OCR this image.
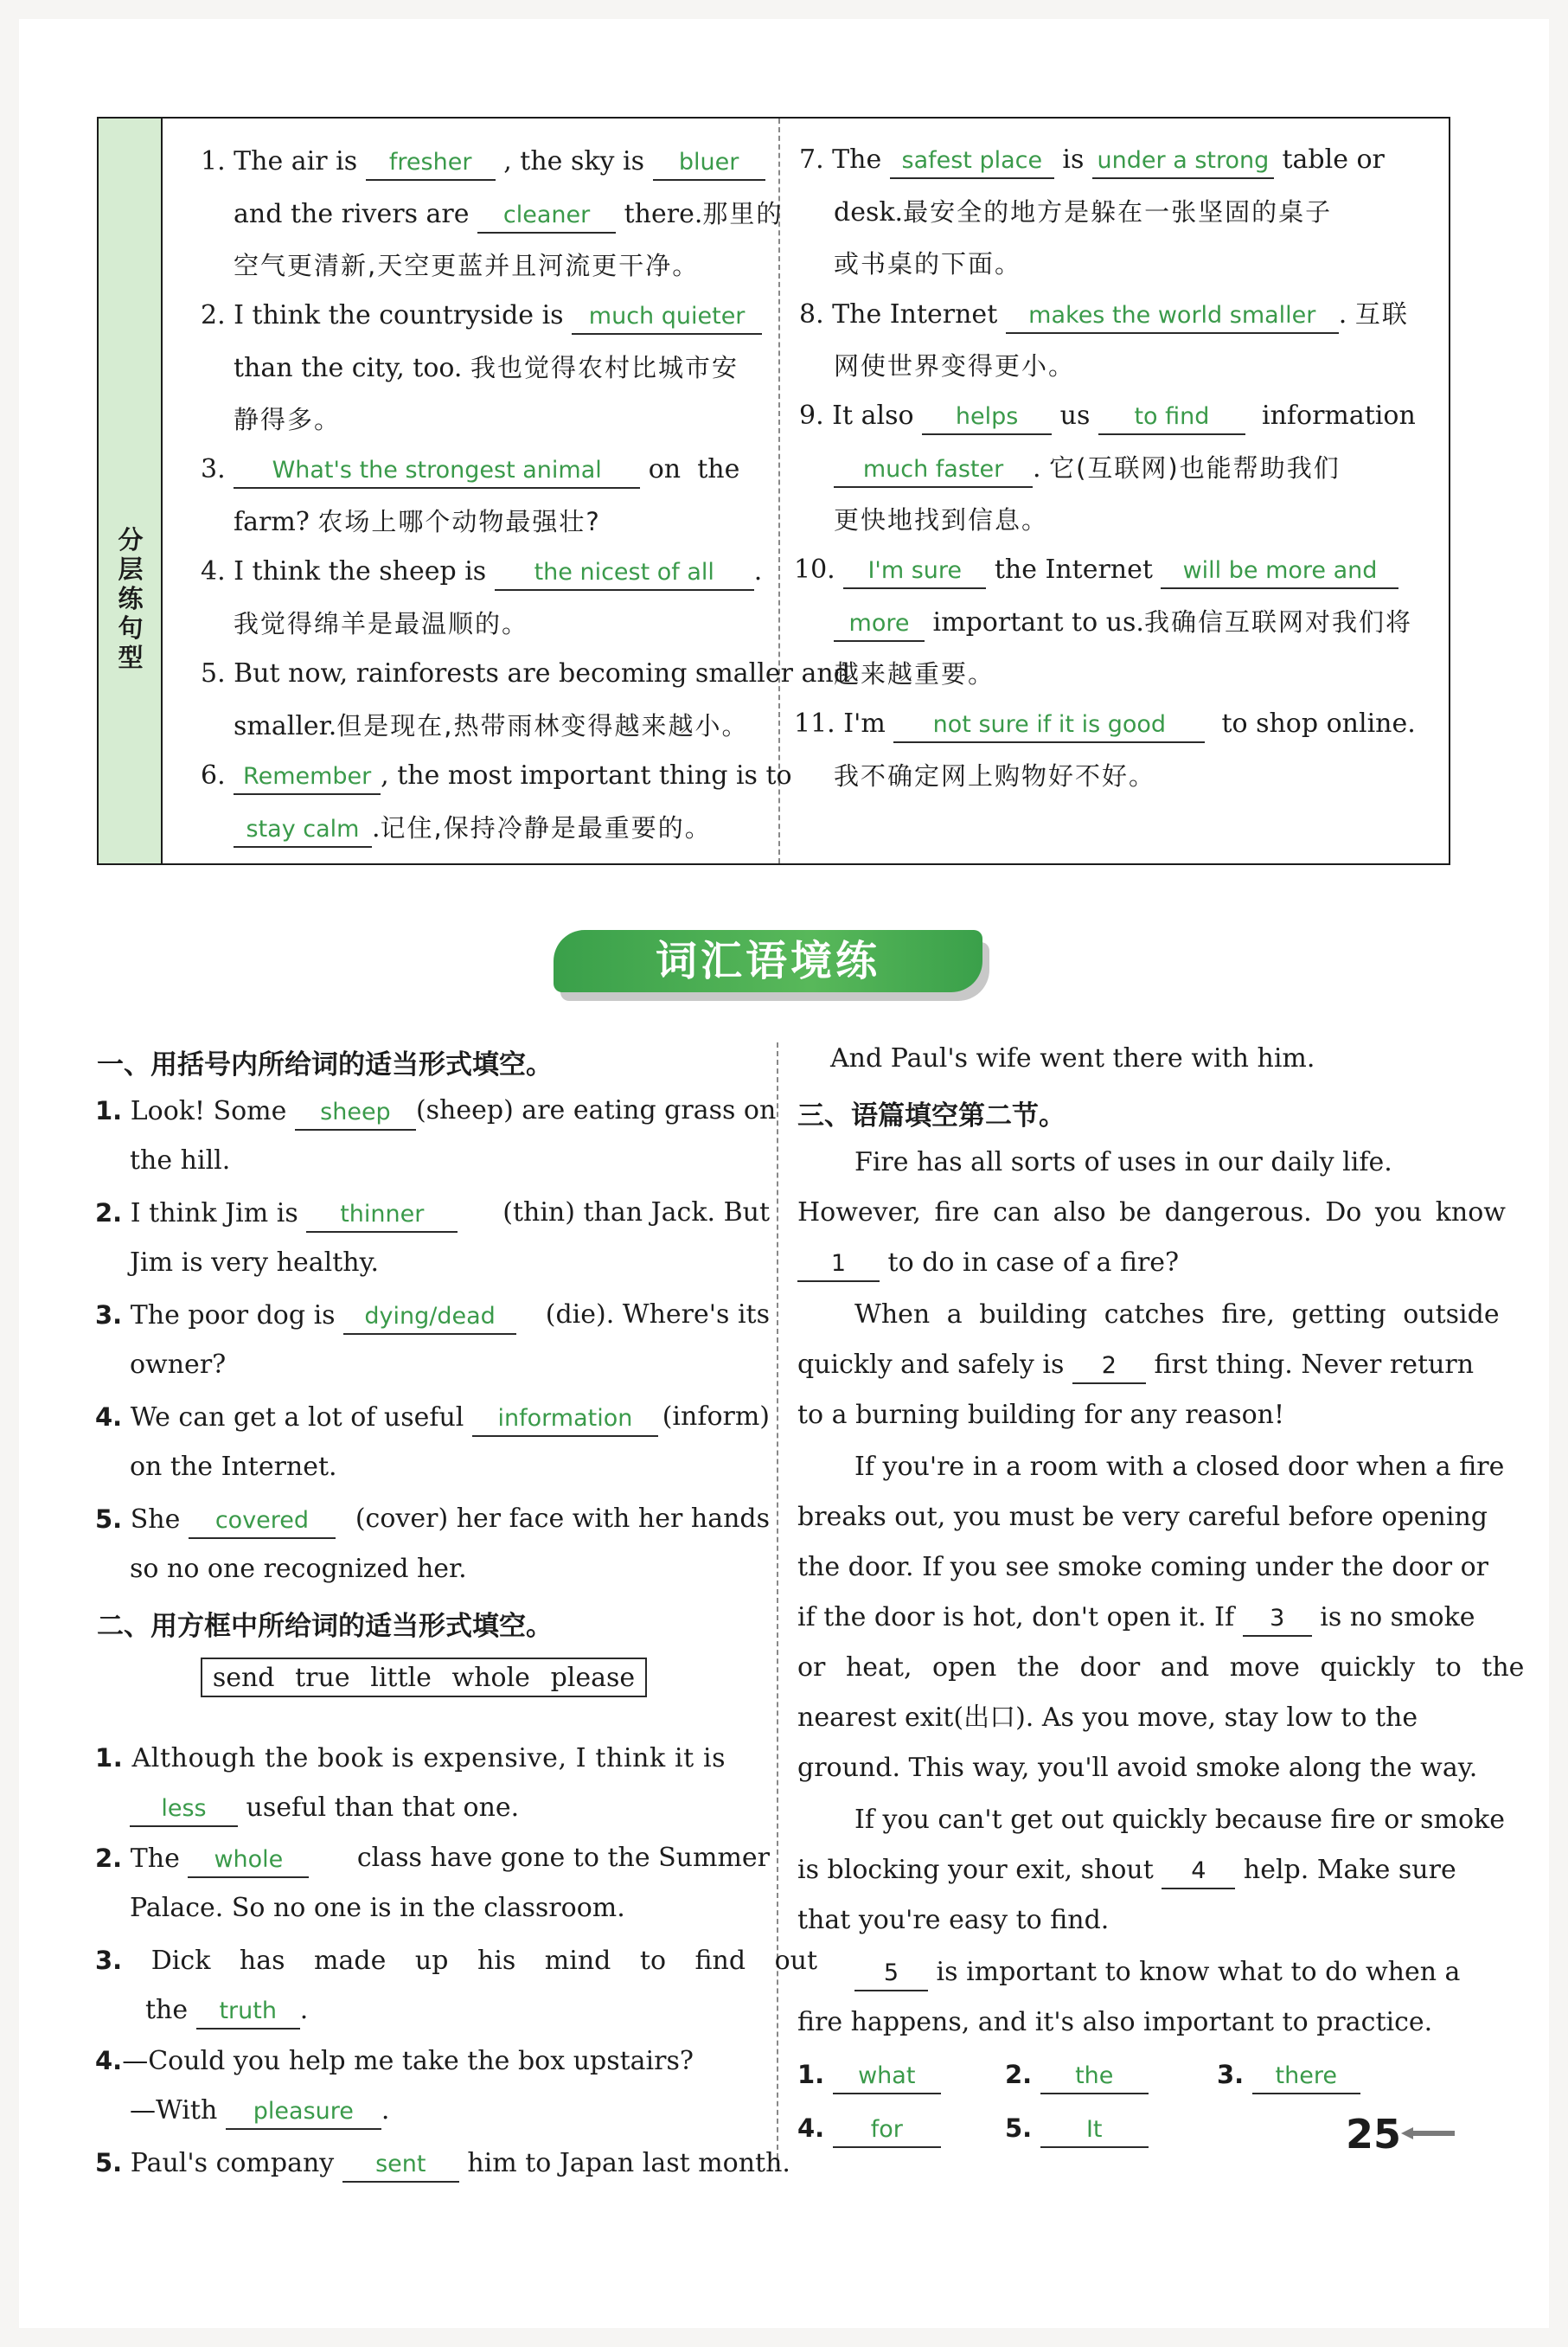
分
层
练
句
型
1. The air is fresher , the sky is bluer
and the rivers are cleaner there.那里的
空气更清新,天空更蓝并且河流更干净。
2. I think the countryside is much quieter
than the city, too. 我也觉得农村比城市安
静得多。
3. What's the strongest animal on the
farm? 农场上哪个动物最强壮?
4. I think the sheep is the nicest of all .
我觉得绵羊是最温顺的。
5. But now, rainforests are becoming smaller and
smaller.但是现在,热带雨林变得越来越小。
6. Remember , the most important thing is to
stay calm .记住,保持冷静是最重要的。
7. The safest place is under a strong table or
desk.最安全的地方是躲在一张坚固的桌子
或书桌的下面。
8. The Internet makes the world smaller . 互联
网使世界变得更小。
9. It also helps us to find information
much faster . 它(互联网)也能帮助我们
更快地找到信息。
10. I'm sure the Internet will be more and
more important to us.我确信互联网对我们将
越来越重要。
11. I'm not sure if it is good to shop online.
我不确定网上购物好不好。
词汇语境练
一、用括号内所给词的适当形式填空。
1. Look! Some sheep (sheep) are eating grass on
the hill.
2. I think Jim is thinner	(thin) than Jack. But
Jim is very healthy.
3. The poor dog is dying/dead	(die). Where's its
owner?
4. We can get a lot of useful information	(inform)
on the Internet.
5. She covered	(cover) her face with her hands
so no one recognized her.
二、用方框中所给词的适当形式填空。
send true little whole please
1. Although the book is expensive, I think it is
less useful than that one.
2. The whole	class have gone to the Summer
Palace. So no one is in the classroom.
3. Dick has made up his mind to find out
the truth .
4.—Could you help me take the box upstairs?
—With pleasure .
5. Paul's company sent him to Japan last month.
And Paul's wife went there with him.
三、语篇填空第二节。
Fire has all sorts of uses in our daily life.
However, fire can also be dangerous. Do you know
1 to do in case of a fire?
When a building catches fire, getting outside
quickly and safely is 2 first thing. Never return
to a burning building for any reason!
If you're in a room with a closed door when a fire
breaks out, you must be very careful before opening
the door. If you see smoke coming under the door or
if the door is hot, don't open it. If 3 is no smoke
or heat, open the door and move quickly to the
nearest exit(出口). As you move, stay low to the
ground. This way, you'll avoid smoke along the way.
If you can't get out quickly because fire or smoke
is blocking your exit, shout 4 help. Make sure
that you're easy to find.
5 is important to know what to do when a
fire happens, and it's also important to practice.
1. what	2. the	3. there
4. for	5. It	25
